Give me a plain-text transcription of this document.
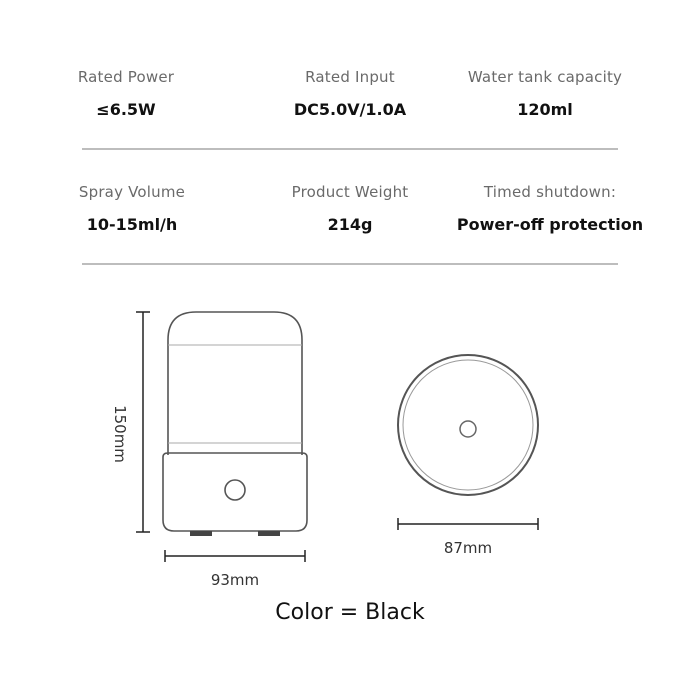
Rated Power
≤6.5W
Rated Input
DC5.0V/1.0A
Water tank capacity
120ml
Spray Volume
10-15ml/h
Product Weight
214g
Timed shutdown:
Power-off protection
150mm
93mm
87mm
Color = Black
